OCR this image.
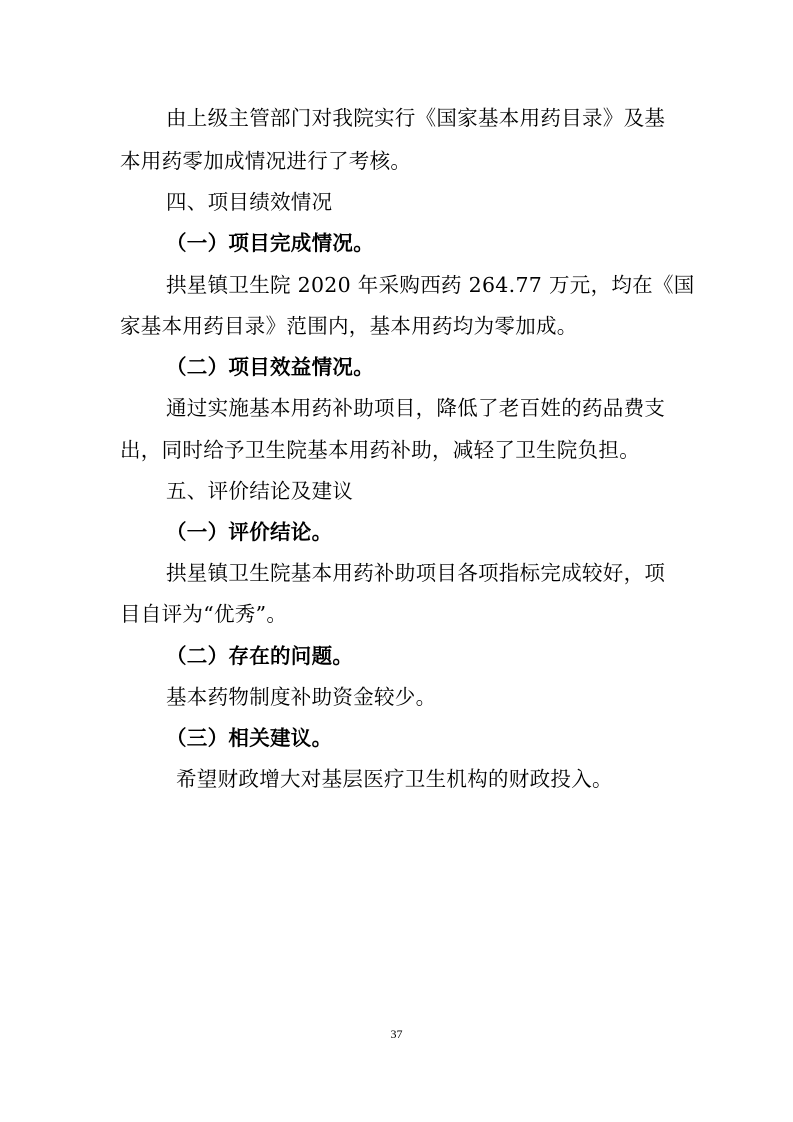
由上级主管部门对我院实行《国家基本用药目录》及基
本用药零加成情况进行了考核。
四、项目绩效情况
（一）项目完成情况。
拱星镇卫生院 2020 年采购西药 264.77 万元，均在《国
家基本用药目录》范围内，基本用药均为零加成。
（二）项目效益情况。
通过实施基本用药补助项目，降低了老百姓的药品费支
出，同时给予卫生院基本用药补助，减轻了卫生院负担。
五、评价结论及建议
（一）评价结论。
拱星镇卫生院基本用药补助项目各项指标完成较好，项
目自评为“优秀”。
（二）存在的问题。
基本药物制度补助资金较少。
（三）相关建议。
希望财政增大对基层医疗卫生机构的财政投入。
37
